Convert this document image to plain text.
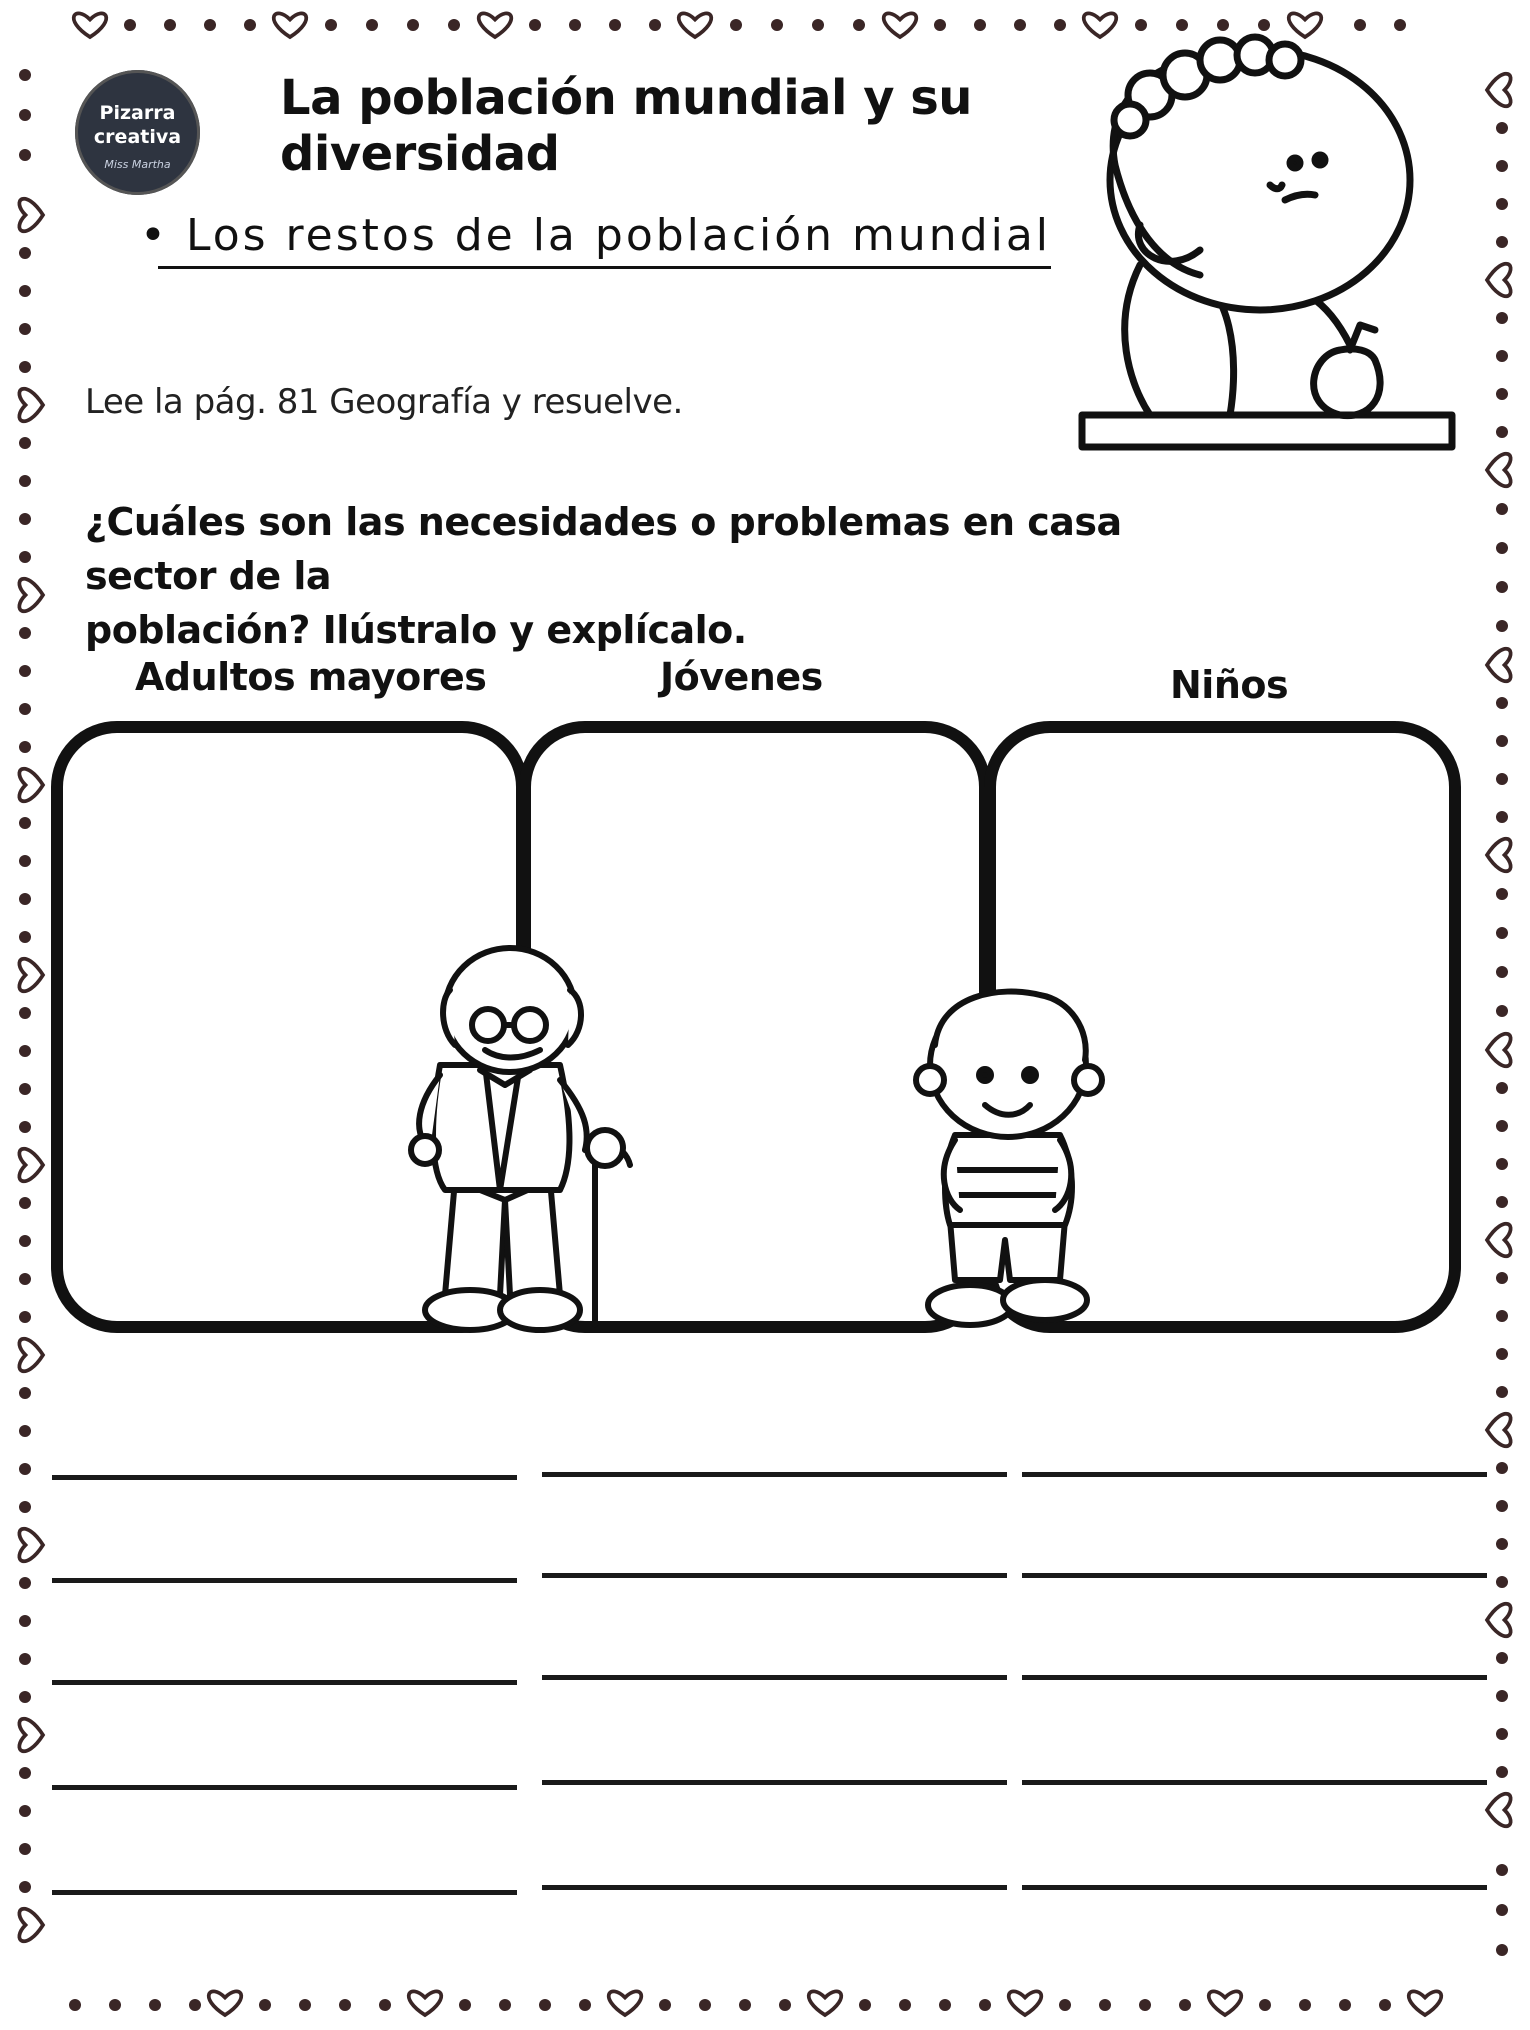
Pizarra
creativa
Miss Martha
La población mundial y su diversidad
• Los restos de la población mundial
Lee la pág. 81 Geografía y resuelve.
¿Cuáles son las necesidades o problemas en casa sector de la
población? Ilústralo y explícalo.
Adultos mayores	Jóvenes	Niños
